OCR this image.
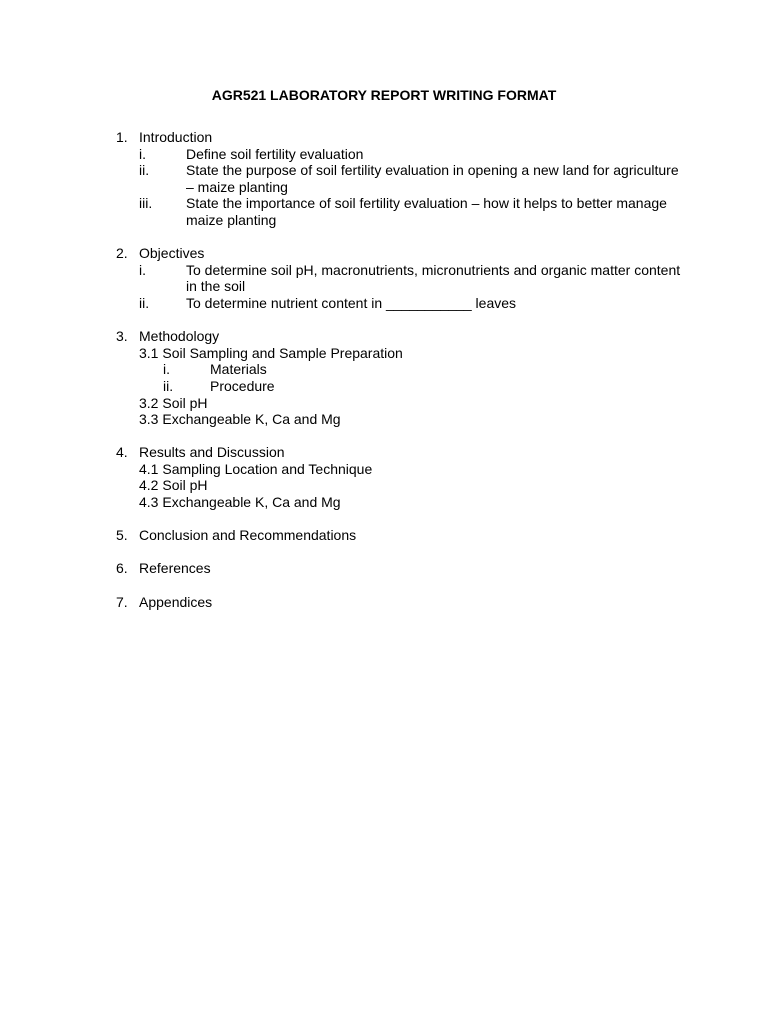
AGR521 LABORATORY REPORT WRITING FORMAT
1. Introduction
i.	Define soil fertility evaluation
ii.	State the purpose of soil fertility evaluation in opening a new land for agriculture – maize planting
iii.	State the importance of soil fertility evaluation – how it helps to better manage maize planting
2. Objectives
i.	To determine soil pH, macronutrients, micronutrients and organic matter content in the soil
ii.	To determine nutrient content in ___________ leaves
3. Methodology
3.1 Soil Sampling and Sample Preparation
i.	Materials
ii.	Procedure
3.2 Soil pH
3.3 Exchangeable K, Ca and Mg
4. Results and Discussion
4.1 Sampling Location and Technique
4.2 Soil pH
4.3 Exchangeable K, Ca and Mg
5. Conclusion and Recommendations
6. References
7. Appendices
